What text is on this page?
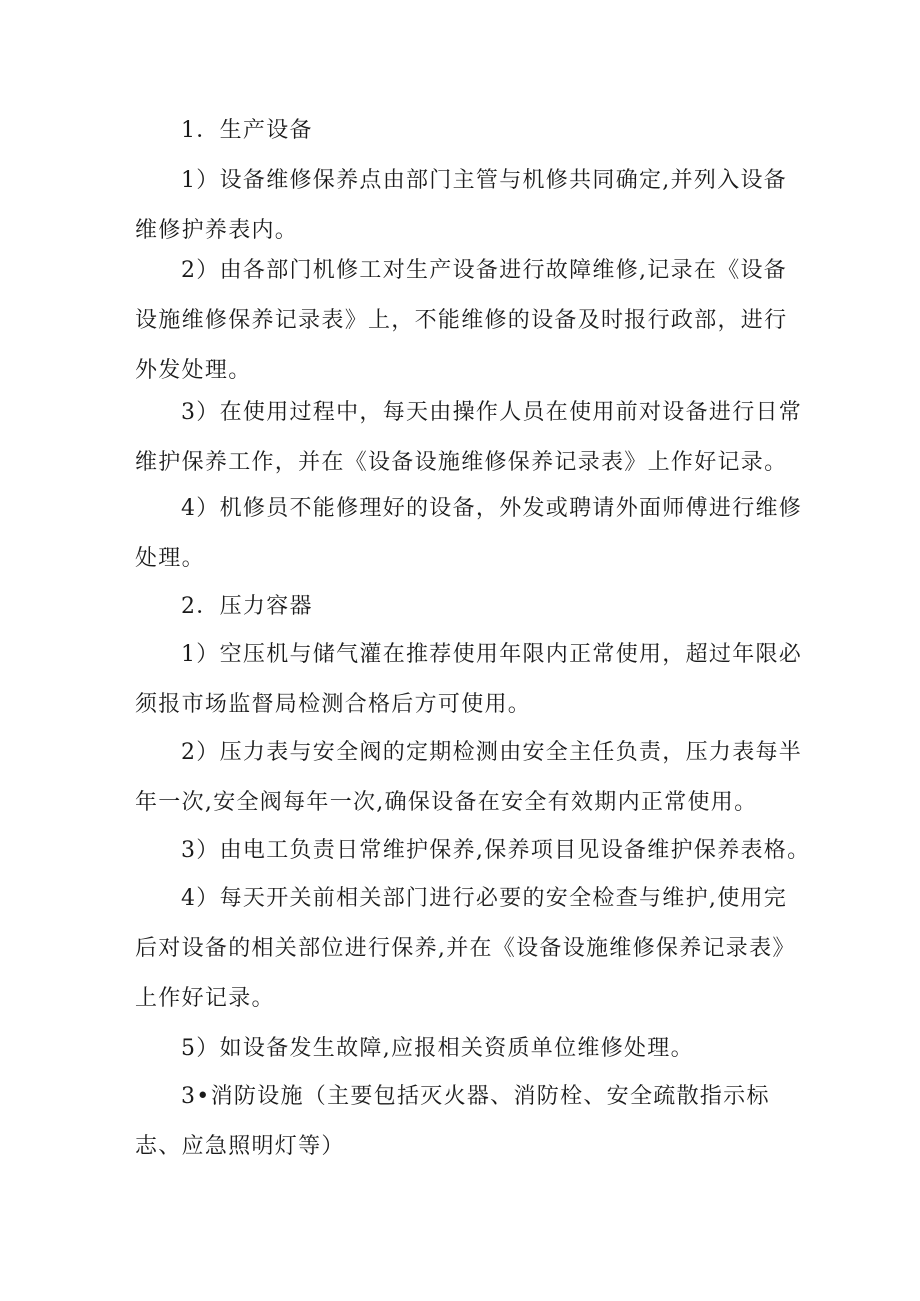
1．生产设备
1）设备维修保养点由部门主管与机修共同确定,并列入设备
维修护养表内。
2）由各部门机修工对生产设备进行故障维修,记录在《设备
设施维修保养记录表》上，不能维修的设备及时报行政部，进行
外发处理。
3）在使用过程中，每天由操作人员在使用前对设备进行日常
维护保养工作，并在《设备设施维修保养记录表》上作好记录。
4）机修员不能修理好的设备，外发或聘请外面师傅进行维修
处理。
2．压力容器
1）空压机与储气灌在推荐使用年限内正常使用，超过年限必
须报市场监督局检测合格后方可使用。
2）压力表与安全阀的定期检测由安全主任负责，压力表每半
年一次,安全阀每年一次,确保设备在安全有效期内正常使用。
3）由电工负责日常维护保养,保养项目见设备维护保养表格。
4）每天开关前相关部门进行必要的安全检查与维护,使用完
后对设备的相关部位进行保养,并在《设备设施维修保养记录表》
上作好记录。
5）如设备发生故障,应报相关资质单位维修处理。
3•消防设施（主要包括灭火器、消防栓、安全疏散指示标
志、应急照明灯等）
